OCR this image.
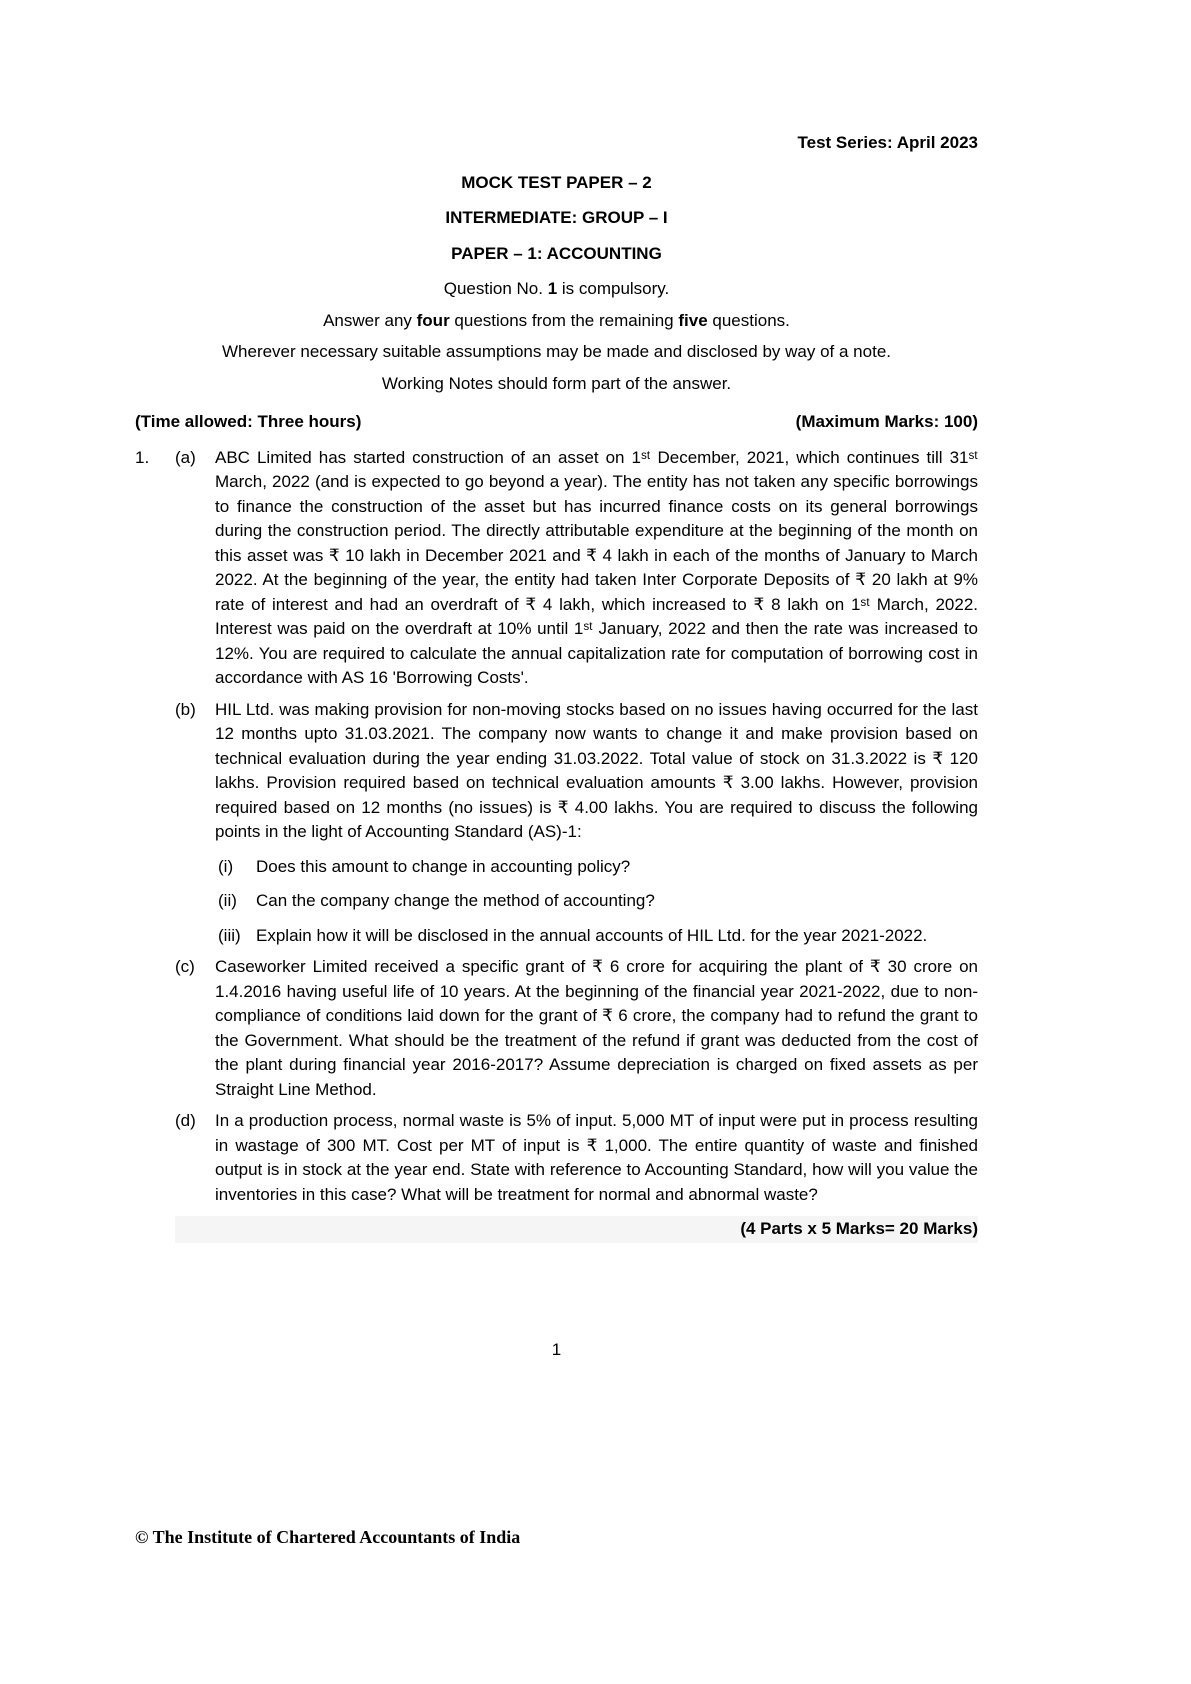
Test Series: April 2023
MOCK TEST PAPER – 2
INTERMEDIATE: GROUP – I
PAPER – 1: ACCOUNTING
Question No. 1 is compulsory.
Answer any four questions from the remaining five questions.
Wherever necessary suitable assumptions may be made and disclosed by way of a note.
Working Notes should form part of the answer.
(Time allowed: Three hours)	(Maximum Marks: 100)
1.	(a)	ABC Limited has started construction of an asset on 1ˢᵗ December, 2021, which continues till 31ˢᵗ March, 2022 (and is expected to go beyond a year). The entity has not taken any specific borrowings to finance the construction of the asset but has incurred finance costs on its general borrowings during the construction period. The directly attributable expenditure at the beginning of the month on this asset was ₹ 10 lakh in December 2021 and ₹ 4 lakh in each of the months of January to March 2022. At the beginning of the year, the entity had taken Inter Corporate Deposits of ₹ 20 lakh at 9% rate of interest and had an overdraft of ₹ 4 lakh, which increased to ₹ 8 lakh on 1ˢᵗ March, 2022. Interest was paid on the overdraft at 10% until 1ˢᵗ January, 2022 and then the rate was increased to 12%. You are required to calculate the annual capitalization rate for computation of borrowing cost in accordance with AS 16 'Borrowing Costs'.
(b)	HIL Ltd. was making provision for non-moving stocks based on no issues having occurred for the last 12 months upto 31.03.2021. The company now wants to change it and make provision based on technical evaluation during the year ending 31.03.2022. Total value of stock on 31.3.2022 is ₹ 120 lakhs. Provision required based on technical evaluation amounts ₹ 3.00 lakhs. However, provision required based on 12 months (no issues) is ₹ 4.00 lakhs. You are required to discuss the following points in the light of Accounting Standard (AS)-1:
(i)	Does this amount to change in accounting policy?
(ii)	Can the company change the method of accounting?
(iii) Explain how it will be disclosed in the annual accounts of HIL Ltd. for the year 2021-2022.
(c)	Caseworker Limited received a specific grant of ₹ 6 crore for acquiring the plant of ₹ 30 crore on 1.4.2016 having useful life of 10 years. At the beginning of the financial year 2021-2022, due to non-compliance of conditions laid down for the grant of ₹ 6 crore, the company had to refund the grant to the Government. What should be the treatment of the refund if grant was deducted from the cost of the plant during financial year 2016-2017? Assume depreciation is charged on fixed assets as per Straight Line Method.
(d)	In a production process, normal waste is 5% of input. 5,000 MT of input were put in process resulting in wastage of 300 MT. Cost per MT of input is ₹ 1,000. The entire quantity of waste and finished output is in stock at the year end. State with reference to Accounting Standard, how will you value the inventories in this case? What will be treatment for normal and abnormal waste?
(4 Parts x 5 Marks= 20 Marks)
1
© The Institute of Chartered Accountants of India
